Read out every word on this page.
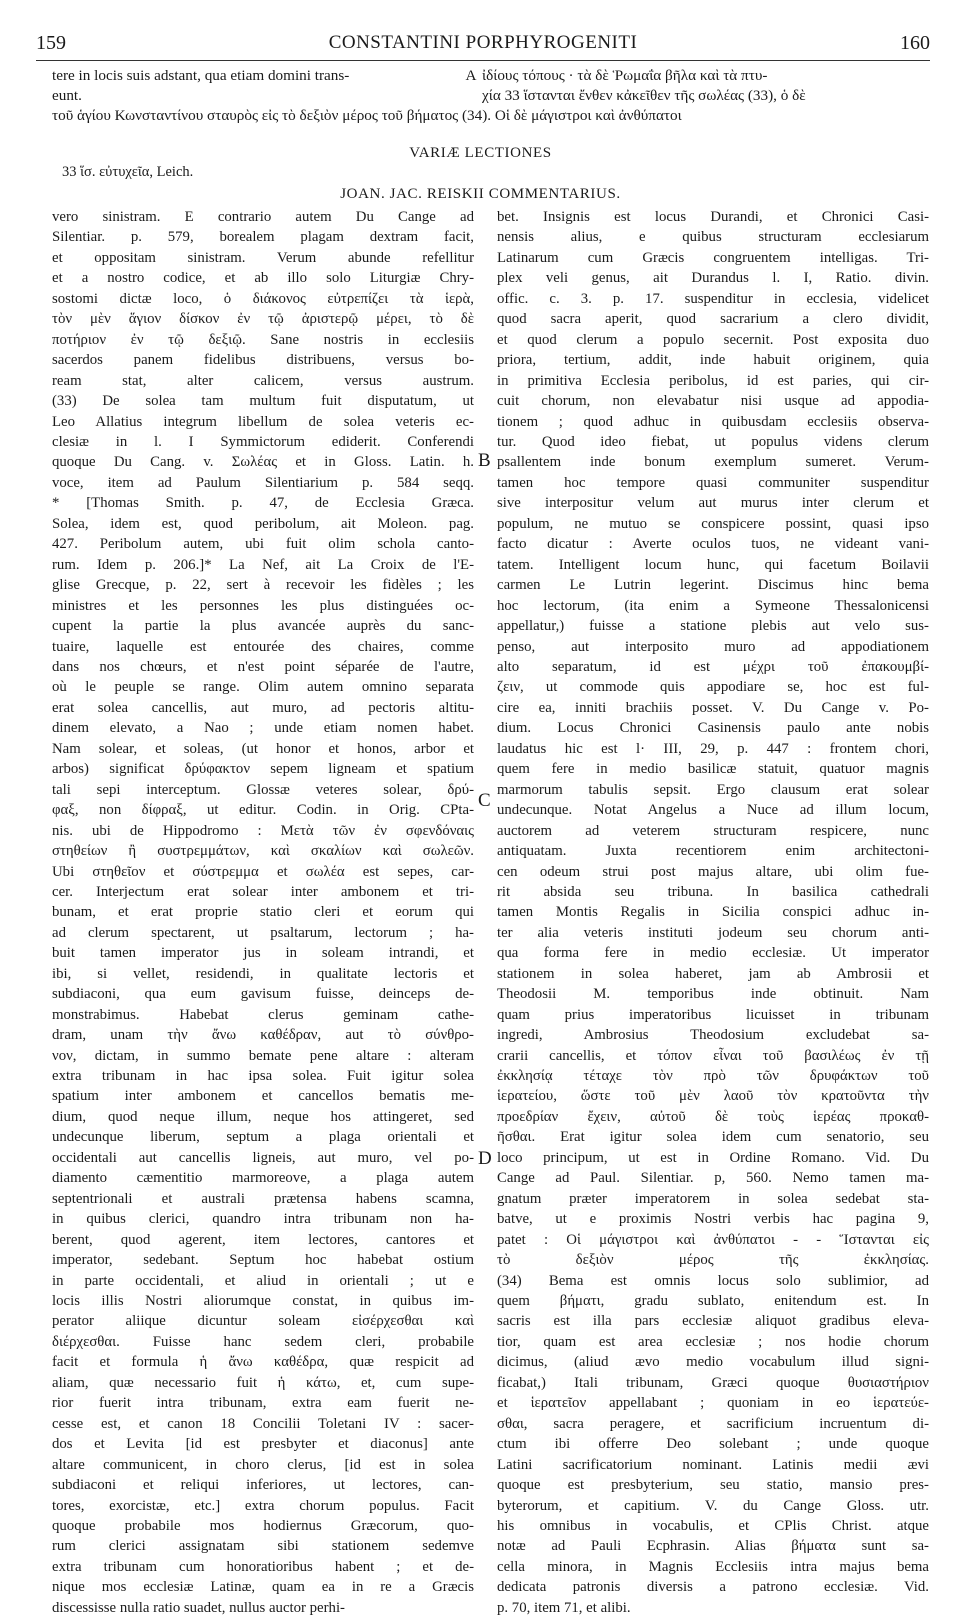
159	CONSTANTINI PORPHYROGENITI	160
tere in locis suis adstant, qua etiam domini trans-	A ἰδίους τόπους · τὰ δὲ Ῥωμαΐα βῆλα καὶ τὰ πτυ-
eunt.	χία 33 ἵστανται ἔνθεν κἀκεῖθεν τῆς σωλέας (33), ὁ δὲ
τοῦ ἁγίου Κωνσταντίνου σταυρὸς εἰς τὸ δεξιὸν μέρος τοῦ βήματος (34). Οἱ δὲ μάγιστροι καὶ ἀνθύπατοι
VARIÆ LECTIONES
33 ἵσ. εὐτυχεῖα, Leich.
JOAN. JAC. REISKII COMMENTARIUS.

vero sinistram. E contrario autem Du Cange ad

Silentiar. p. 579, borealem plagam dextram facit,

et oppositam sinistram. Verum abunde refellitur

et a nostro codice, et ab illo solo Liturgiæ Chry-

sostomi dictæ loco, ὁ διάκονος εὐτρεπίζει τὰ ἱερὰ,

τὸν μὲν ἅγιον δίσκον ἐν τῷ ἀριστερῷ μέρει, τὸ δὲ

ποτήριον ἐν τῷ δεξιῷ. Sane nostris in ecclesiis

sacerdos panem fidelibus distribuens, versus bo-

ream stat, alter calicem, versus austrum.

(33) De solea tam multum fuit disputatum, ut

Leo Allatius integrum libellum de solea veteris ec-

clesiæ in l. I Symmictorum ediderit. Conferendi

quoque Du Cang. v. Σωλέας et in Gloss. Latin. h.

voce, item ad Paulum Silentiarium p. 584 seqq.

* [Thomas Smith. p. 47, de Ecclesia Græca.

Solea, idem est, quod peribolum, ait Moleon. pag.

427. Peribolum autem, ubi fuit olim schola canto-

rum. Idem p. 206.]* La Nef, ait La Croix de l'E-

glise Grecque, p. 22, sert à recevoir les fidèles ; les

ministres et les personnes les plus distinguées oc-

cupent la partie la plus avancée auprès du sanc-

tuaire, laquelle est entourée des chaires, comme

dans nos chœurs, et n'est point séparée de l'autre,

où le peuple se range. Olim autem omnino separata

erat solea cancellis, aut muro, ad pectoris altitu-

dinem elevato, a Nao ; unde etiam nomen habet.

Nam solear, et soleas, (ut honor et honos, arbor et

arbos) significat δρύφακτον sepem ligneam et spatium

tali sepi interceptum. Glossæ veteres solear, δρύ-

φαξ, non δίφραξ, ut editur. Codin. in Orig. CPta-

nis. ubi de Hippodromo : Μετὰ τῶν ἐν σφενδόναις

στηθείων ἢ συστρεμμάτων, καὶ σκαλίων καὶ σωλεῶν.

Ubi στηθεῖον et σύστρεμμα et σωλέα est sepes, car-

cer. Interjectum erat solear inter ambonem et tri-

bunam, et erat proprie statio cleri et eorum qui

ad clerum spectarent, ut psaltarum, lectorum ; ha-

buit tamen imperator jus in soleam intrandi, et

ibi, si vellet, residendi, in qualitate lectoris et

subdiaconi, qua eum gavisum fuisse, deinceps de-

monstrabimus. Habebat clerus geminam cathe-

dram, unam τὴν ἄνω καθέδραν, aut τὸ σύνθρο-

νον, dictam, in summo bemate pene altare : alteram

extra tribunam in hac ipsa solea. Fuit igitur solea

spatium inter ambonem et cancellos bematis me-

dium, quod neque illum, neque hos attingeret, sed

undecunque liberum, septum a plaga orientali et

occidentali aut cancellis ligneis, aut muro, vel po-

diamento cæmentitio marmoreove, a plaga autem

septentrionali et australi prætensa habens scamna,

in quibus clerici, quandro intra tribunam non ha-

berent, quod agerent, item lectores, cantores et

imperator, sedebant. Septum hoc habebat ostium

in parte occidentali, et aliud in orientali ; ut e

locis illis Nostri aliorumque constat, in quibus im-

perator aliique dicuntur soleam εἰσέρχεσθαι καὶ

διέρχεσθαι. Fuisse hanc sedem cleri, probabile

facit et formula ἡ ἄνω καθέδρα, quæ respicit ad

aliam, quæ necessario fuit ἡ κάτω, et, cum supe-

rior fuerit intra tribunam, extra eam fuerit ne-

cesse est, et canon 18 Concilii Toletani IV : sacer-

dos et Levita [id est presbyter et diaconus] ante

altare communicent, in choro clerus, [id est in solea

subdiaconi et reliqui inferiores, ut lectores, can-

tores, exorcistæ, etc.] extra chorum populus. Facit

quoque probabile mos hodiernus Græcorum, quo-

rum clerici assignatam sibi stationem sedemve

extra tribunam cum honoratioribus habent ; et de-

nique mos ecclesiæ Latinæ, quam ea in re a Græcis

discessisse nulla ratio suadet, nullus auctor perhi-

bet. Insignis est locus Durandi, et Chronici Casi-

nensis alius, e quibus structuram ecclesiarum

Latinarum cum Græcis congruentem intelligas. Tri-

plex veli genus, ait Durandus l. I, Ratio. divin.

offic. c. 3. p. 17. suspenditur in ecclesia, videlicet

quod sacra aperit, quod sacrarium a clero dividit,

et quod clerum a populo secernit. Post exposita duo

priora, tertium, addit, inde habuit originem, quia

in primitiva Ecclesia peribolus, id est paries, qui cir-

cuit chorum, non elevabatur nisi usque ad appodia-

tionem ; quod adhuc in quibusdam ecclesiis observa-

tur. Quod ideo fiebat, ut populus videns clerum

psallentem inde bonum exemplum sumeret. Verum-

tamen hoc tempore quasi communiter suspenditur

sive interpositur velum aut murus inter clerum et

populum, ne mutuo se conspicere possint, quasi ipso

facto dicatur : Averte oculos tuos, ne videant vani-

tatem. Intelligent locum hunc, qui facetum Boilavii

carmen Le Lutrin legerint. Discimus hinc bema

hoc lectorum, (ita enim a Symeone Thessalonicensi

appellatur,) fuisse a statione plebis aut velo sus-

penso, aut interposito muro ad appodiationem

alto separatum, id est μέχρι τοῦ ἐπακουμβί-

ζειν, ut commode quis appodiare se, hoc est ful-

cire ea, inniti brachiis posset. V. Du Cange v. Po-

dium. Locus Chronici Casinensis paulo ante nobis

laudatus hic est l· III, 29, p. 447 : frontem chori,

quem fere in medio basilicæ statuit, quatuor magnis

marmorum tabulis sepsit. Ergo clausum erat solear

undecunque. Notat Angelus a Nuce ad illum locum,

auctorem ad veterem structuram respicere, nunc

antiquatam. Juxta recentiorem enim architectoni-

cen odeum strui post majus altare, ubi olim fue-

rit absida seu tribuna. In basilica cathedrali

tamen Montis Regalis in Sicilia conspici adhuc in-

ter alia veteris instituti jodeum seu chorum anti-

qua forma fere in medio ecclesiæ. Ut imperator

stationem in solea haberet, jam ab Ambrosii et

Theodosii M. temporibus inde obtinuit. Nam

quam prius imperatoribus licuisset in tribunam

ingredi, Ambrosius Theodosium excludebat sa-

crarii cancellis, et τόπον εἶναι τοῦ βασιλέως ἐν τῇ

ἐκκλησίᾳ τέταχε τὸν πρὸ τῶν δρυφάκτων τοῦ

ἱερατείου, ὥστε τοῦ μὲν λαοῦ τὸν κρατοῦντα τὴν

προεδρίαν ἔχειν, αὐτοῦ δὲ τοὺς ἱερέας προκαθ-

ῆσθαι. Erat igitur solea idem cum senatorio, seu

loco principum, ut est in Ordine Romano. Vid. Du

Cange ad Paul. Silentiar. p, 560. Nemo tamen ma-

gnatum præter imperatorem in solea sedebat sta-

batve, ut e proximis Nostri verbis hac pagina 9,

patet : Οἱ μάγιστροι καὶ ἀνθύπατοι - - Ἵστανται εἰς

τὸ δεξιὸν μέρος τῆς ἐκκλησίας.

(34) Bema est omnis locus solo sublimior, ad

quem βήματι, gradu sublato, enitendum est. In

sacris est illa pars ecclesiæ aliquot gradibus eleva-

tior, quam est area ecclesiæ ; nos hodie chorum

dicimus, (aliud ævo medio vocabulum illud signi-

ficabat,) Itali tribunam, Græci quoque θυσιαστήριον

et ἱερατεῖον appellabant ; quoniam in eo ἱερατεύε-

σθαι, sacra peragere, et sacrificium incruentum di-

ctum ibi offerre Deo solebant ; unde quoque

Latini sacrificatorium nominant. Latinis medii ævi

quoque est presbyterium, seu statio, mansio pres-

byterorum, et capitium. V. du Cange Gloss. utr.

his omnibus in vocabulis, et CPlis Christ. atque

notæ ad Pauli Ecphrasin. Alias βήματα sunt sa-

cella minora, in Magnis Ecclesiis intra majus bema

dedicata patronis diversis a patrono ecclesiæ. Vid.

p. 70, item 71, et alibi.

B
C
D
